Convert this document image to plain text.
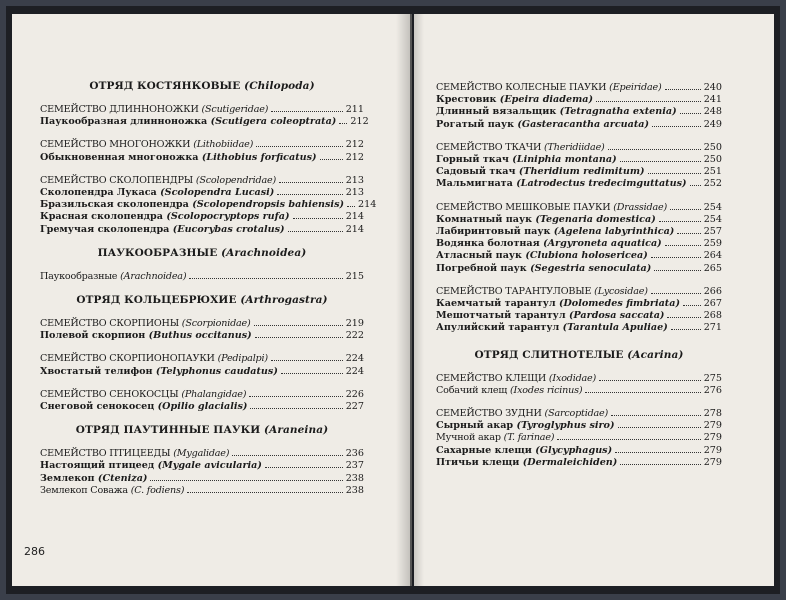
ОТРЯД КОСТЯНКОВЫЕ (Chilopoda)
СЕМЕЙСТВО ДЛИННОНОЖКИ (Scutigeridae)	211
Паукообразная длинноножка (Scutigera coleoptrata) 212
СЕМЕЙСТВО МНОГОНОЖКИ (Lithobiidae)	212
Обыкновенная многоножка (Lithobius forficatus)	212
СЕМЕЙСТВО СКОЛОПЕНДРЫ (Scolopendridae)	213
Сколопендра Лукаса (Scolopendra Lucasi)	213
Бразильская сколопендра (Scolopendropsis bahiensis) 214
Красная сколопендра (Scolopocryptops rufa)	214
Гремучая сколопендра (Eucorybas crotalus)	214
ПАУКООБРАЗНЫЕ (Arachnoidea)
Паукообразные (Arachnoidea)	215
ОТРЯД КОЛЬЦЕБРЮХИЕ (Arthrogastra)
СЕМЕЙСТВО СКОРПИОНЫ (Scorpionidae)	219
Полевой скорпион (Buthus occitanus)	222
СЕМЕЙСТВО СКОРПИОНОПАУКИ (Pedipalpi)	224
Хвостатый телифон (Telyphonus caudatus)	224
СЕМЕЙСТВО СЕНОКОСЦЫ (Phalangidae)	226
Снеговой сенокосец (Opilio glacialis)	227
ОТРЯД ПАУТИННЫЕ ПАУКИ (Araneina)
СЕМЕЙСТВО ПТИЦЕЕДЫ (Mygalidae)	236
Настоящий птицеед (Mygale avicularia)	237
Землекоп (Cteniza)	238
Землекоп Соважа (C. fodiens)	238
286
СЕМЕЙСТВО КОЛЕСНЫЕ ПАУКИ (Epeiridae)	240
Крестовик (Epeira diadema)	241
Длинный вязальщик (Tetragnatha extenia)	248
Рогатый паук (Gasteracantha arcuata)	249
СЕМЕЙСТВО ТКАЧИ (Theridiidae)	250
Горный ткач (Liniphia montana)	250
Садовый ткач (Theridium redimitum)	251
Мальмигната (Latrodectus tredecimguttatus) 252
СЕМЕЙСТВО МЕШКОВЫЕ ПАУКИ (Drassidae)	254
Комнатный паук (Tegenaria domestica)	254
Лабиринтовый паук (Agelena labyrinthica)	257
Водянка болотная (Argyroneta aquatica)	259
Атласный паук (Clubiona holosericea)	264
Погребной паук (Segestria senoculata)	265
СЕМЕЙСТВО ТАРАНТУЛОВЫЕ (Lycosidae)	266
Каемчатый тарантул (Dolomedes fimbriata) 267
Мешотчатый тарантул (Pardosa saccata)	268
Апулийский тарантул (Tarantula Apuliae)	271
ОТРЯД СЛИТНОТЕЛЫЕ (Acarina)
СЕМЕЙСТВО КЛЕЩИ (Ixodidae)	275
Собачий клещ (Ixodes ricinus)	276
СЕМЕЙСТВО ЗУДНИ (Sarcoptidae)	278
Сырный акар (Tyroglyphus siro)	279
Мучной акар (T. farinae)	279
Сахарные клещи (Glycyphagus)	279
Птичьи клещи (Dermaleichiden)	279
